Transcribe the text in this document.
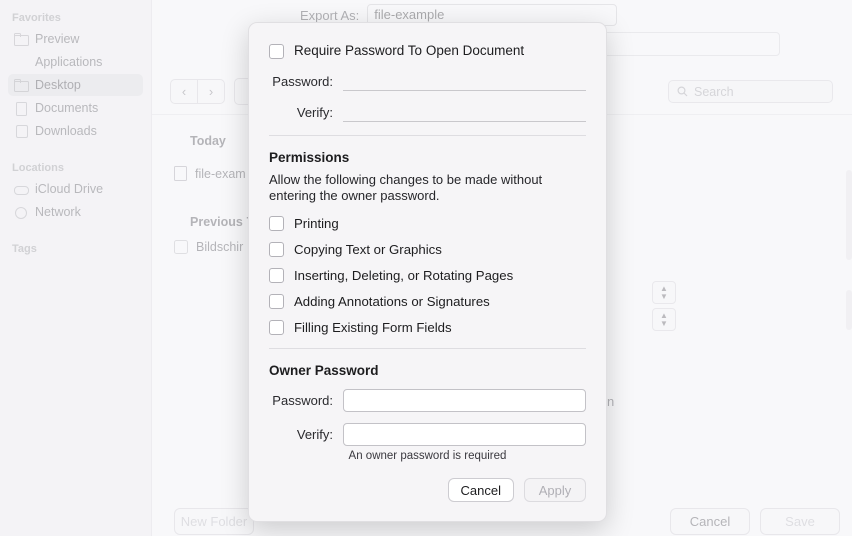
Require Password To Open Document
Password:
Verify:
Permissions
Allow the following changes to be made without entering the owner password.
Printing
Copying Text or Graphics
Inserting, Deleting, or Rotating Pages
Adding Annotations or Signatures
Filling Existing Form Fields
Owner Password
Password:
Verify:
An owner password is required
Cancel	Apply
